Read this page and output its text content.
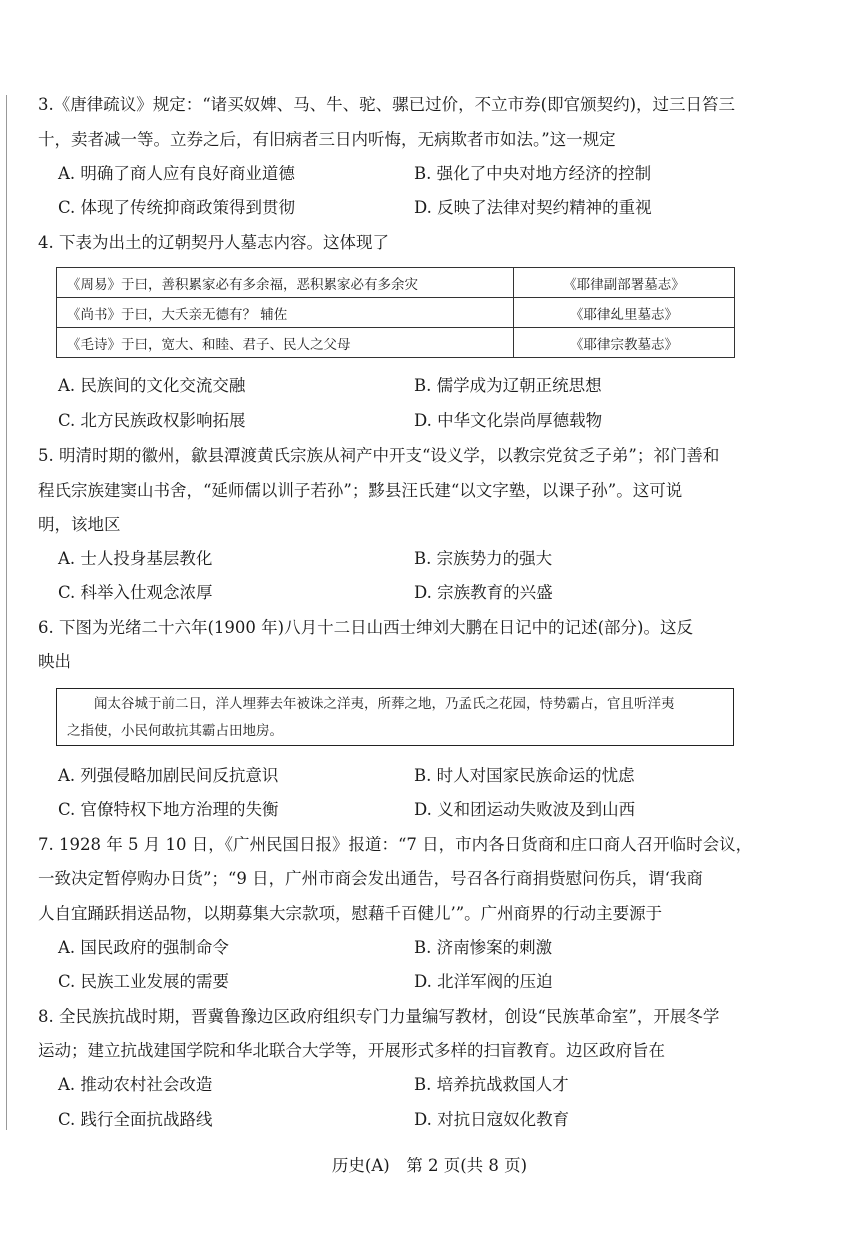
3.《唐律疏议》规定：“诸买奴婢、马、牛、驼、骡已过价，不立市券(即官颁契约)，过三日笞三
十，卖者减一等。立券之后，有旧病者三日内听悔，无病欺者市如法。”这一规定
A. 明确了商人应有良好商业道德	B. 强化了中央对地方经济的控制
C. 体现了传统抑商政策得到贯彻	D. 反映了法律对契约精神的重视
4. 下表为出土的辽朝契丹人墓志内容。这体现了
《周易》于曰，善积累家必有多余福，恶积累家必有多余灾	《耶律副部署墓志》
《尚书》于曰，大夭亲无德有？ 辅佐	《耶律乣里墓志》
《毛诗》于曰，宽大、和睦、君子、民人之父母	《耶律宗教墓志》
A. 民族间的文化交流交融	B. 儒学成为辽朝正统思想
C. 北方民族政权影响拓展	D. 中华文化崇尚厚德载物
5. 明清时期的徽州，歙县潭渡黄氏宗族从祠产中开支“设义学，以教宗党贫乏子弟”；祁门善和
程氏宗族建窦山书舍，“延师儒以训子若孙”；黟县汪氏建“以文字塾，以课子孙”。这可说
明，该地区
A. 士人投身基层教化	B. 宗族势力的强大
C. 科举入仕观念浓厚	D. 宗族教育的兴盛
6. 下图为光绪二十六年(1900 年)八月十二日山西士绅刘大鹏在日记中的记述(部分)。这反
映出
闻太谷城于前二日，洋人埋葬去年被诛之洋夷，所葬之地，乃孟氏之花园，恃势霸占，官且听洋夷
之指使，小民何敢抗其霸占田地房。
A. 列强侵略加剧民间反抗意识	B. 时人对国家民族命运的忧虑
C. 官僚特权下地方治理的失衡	D. 义和团运动失败波及到山西
7. 1928 年 5 月 10 日，《广州民国日报》报道：“7 日，市内各日货商和庄口商人召开临时会议，
一致决定暂停购办日货”；“9 日，广州市商会发出通告，号召各行商捐赀慰问伤兵，谓‘我商
人自宜踊跃捐送品物，以期募集大宗款项，慰藉千百健儿’”。广州商界的行动主要源于
A. 国民政府的强制命令	B. 济南惨案的刺激
C. 民族工业发展的需要	D. 北洋军阀的压迫
8. 全民族抗战时期，晋冀鲁豫边区政府组织专门力量编写教材，创设“民族革命室”，开展冬学
运动；建立抗战建国学院和华北联合大学等，开展形式多样的扫盲教育。边区政府旨在
A. 推动农村社会改造	B. 培养抗战救国人才
C. 践行全面抗战路线	D. 对抗日寇奴化教育
历史(A)　第 2 页(共 8 页)
